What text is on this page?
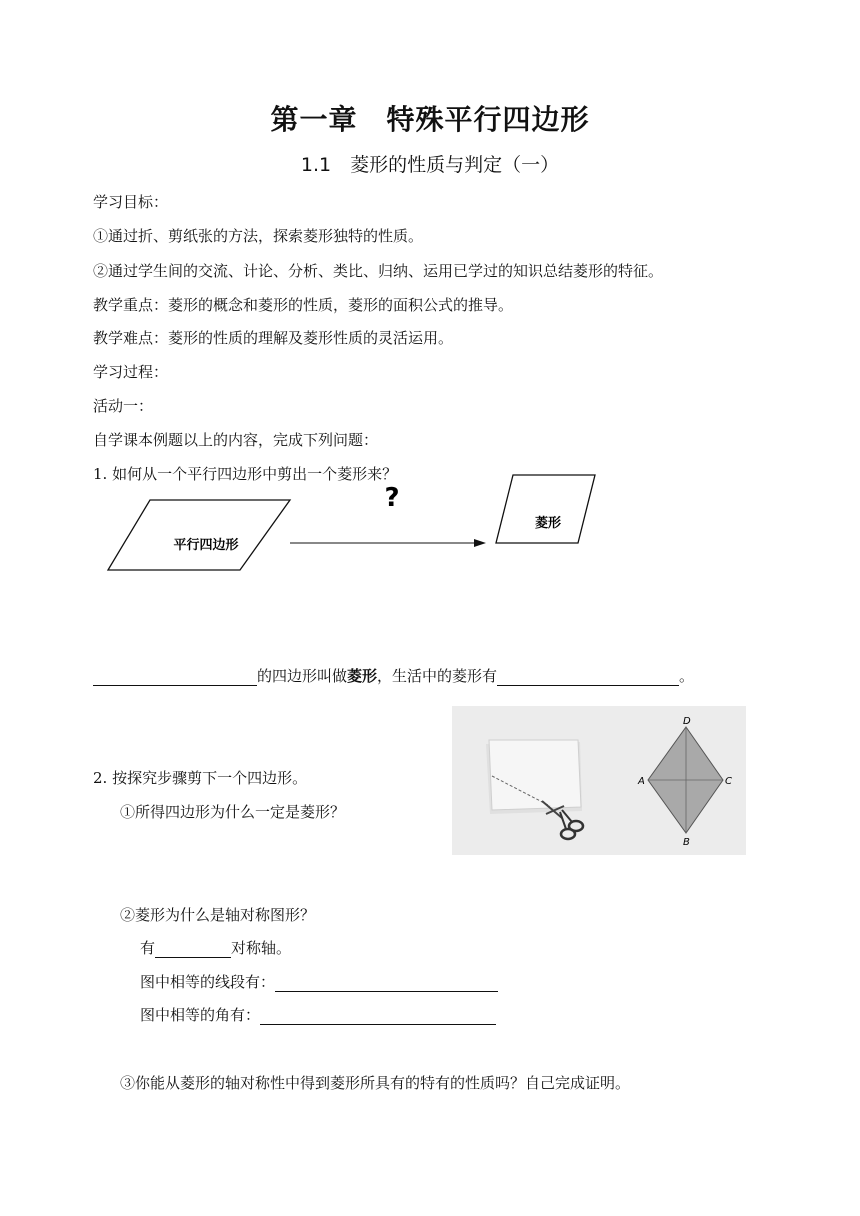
第一章　特殊平行四边形
1.1　菱形的性质与判定（一）
学习目标：
①通过折、剪纸张的方法，探索菱形独特的性质。
②通过学生间的交流、计论、分析、类比、归纳、运用已学过的知识总结菱形的特征。
教学重点：菱形的概念和菱形的性质，菱形的面积公式的推导。
教学难点：菱形的性质的理解及菱形性质的灵活运用。
学习过程：
活动一：
自学课本例题以上的内容，完成下列问题：
1. 如何从一个平行四边形中剪出一个菱形来？
平行四边形
?
菱形
的四边形叫做菱形，生活中的菱形有	。
D
A	C
B
2. 按探究步骤剪下一个四边形。
①所得四边形为什么一定是菱形？
②菱形为什么是轴对称图形？
有	对称轴。
图中相等的线段有：
图中相等的角有：
③你能从菱形的轴对称性中得到菱形所具有的特有的性质吗？自己完成证明。
